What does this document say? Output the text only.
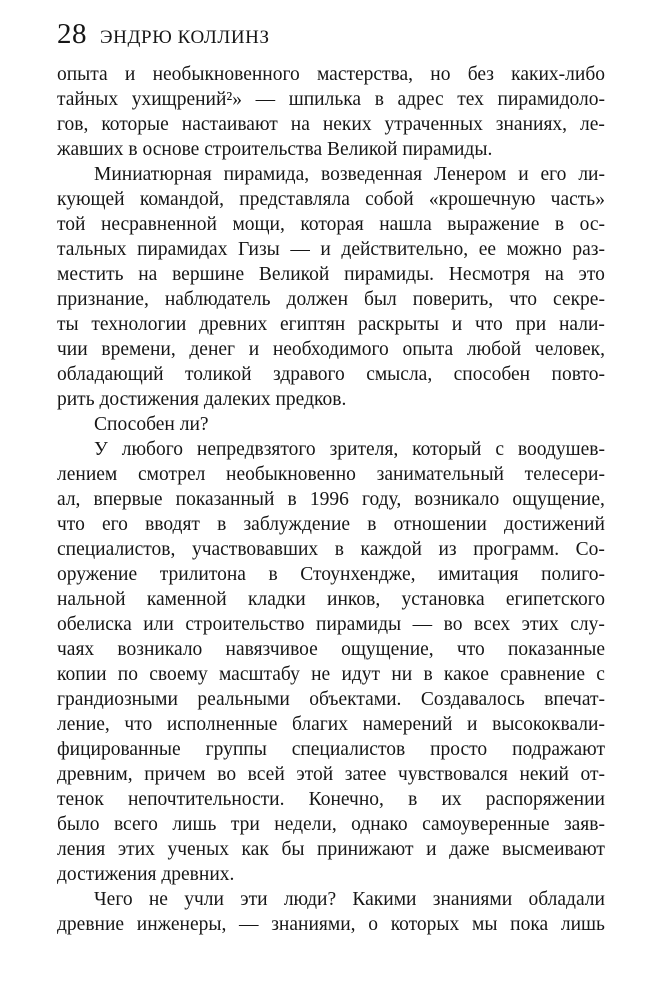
28 ЭНДРЮ КОЛЛИНЗ
опыта и необыкновенного мастерства, но без каких-либо
тайных ухищрений²» — шпилька в адрес тех пирамидоло-
гов, которые настаивают на неких утраченных знаниях, ле-
жавших в основе строительства Великой пирамиды.
Миниатюрная пирамида, возведенная Ленером и его ли-
кующей командой, представляла собой «крошечную часть»
той несравненной мощи, которая нашла выражение в ос-
тальных пирамидах Гизы — и действительно, ее можно раз-
местить на вершине Великой пирамиды. Несмотря на это
признание, наблюдатель должен был поверить, что секре-
ты технологии древних египтян раскрыты и что при нали-
чии времени, денег и необходимого опыта любой человек,
обладающий толикой здравого смысла, способен повто-
рить достижения далеких предков.
Способен ли?
У любого непредвзятого зрителя, который с воодушев-
лением смотрел необыкновенно занимательный телесери-
ал, впервые показанный в 1996 году, возникало ощущение,
что его вводят в заблуждение в отношении достижений
специалистов, участвовавших в каждой из программ. Со-
оружение трилитона в Стоунхендже, имитация полиго-
нальной каменной кладки инков, установка египетского
обелиска или строительство пирамиды — во всех этих слу-
чаях возникало навязчивое ощущение, что показанные
копии по своему масштабу не идут ни в какое сравнение с
грандиозными реальными объектами. Создавалось впечат-
ление, что исполненные благих намерений и высококвали-
фицированные группы специалистов просто подражают
древним, причем во всей этой затее чувствовался некий от-
тенок непочтительности. Конечно, в их распоряжении
было всего лишь три недели, однако самоуверенные заяв-
ления этих ученых как бы принижают и даже высмеивают
достижения древних.
Чего не учли эти люди? Какими знаниями обладали
древние инженеры, — знаниями, о которых мы пока лишь
